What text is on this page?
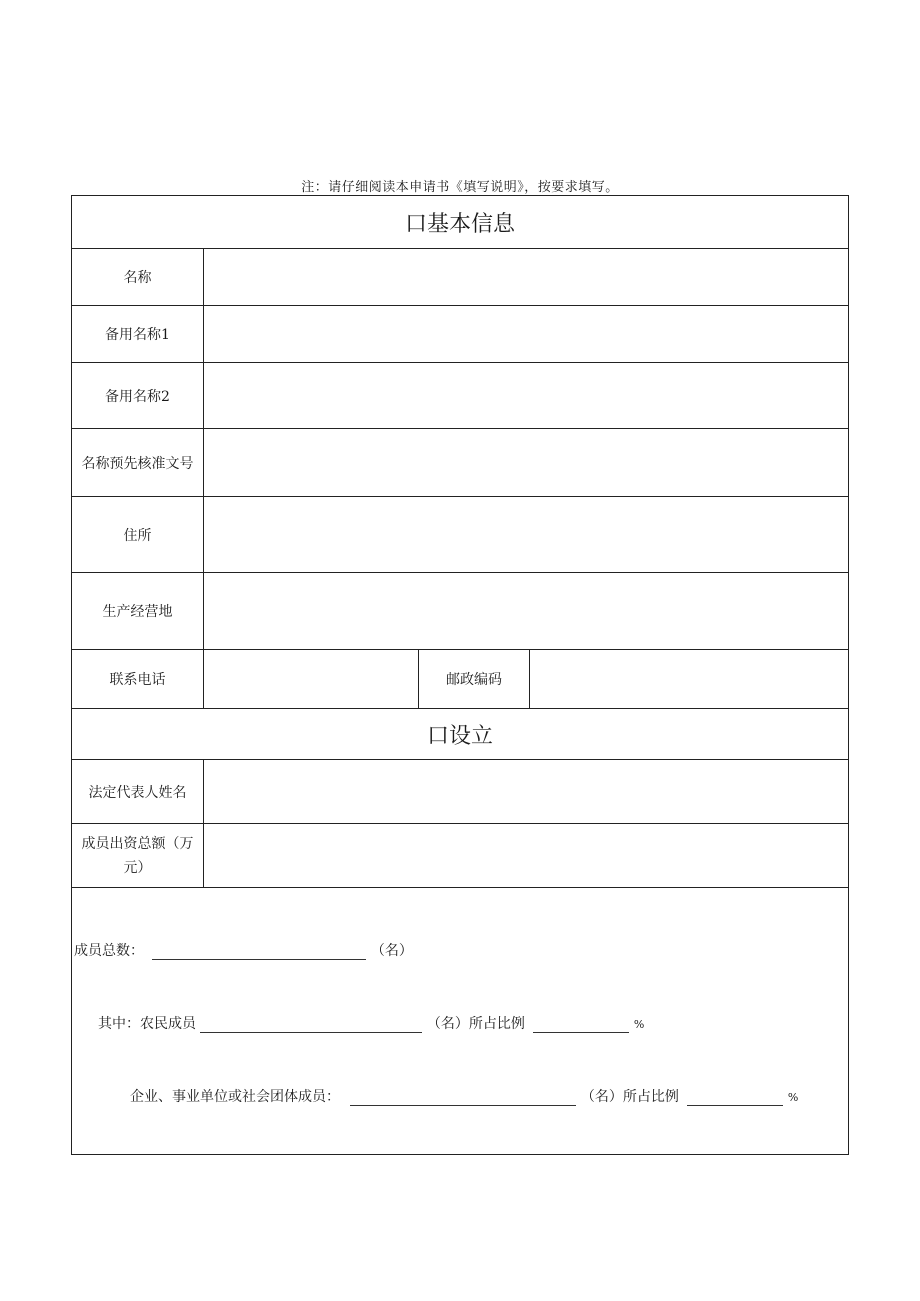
注：请仔细阅读本申请书《填写说明》，按要求填写。
口基本信息
名称
备用名称1
备用名称2
名称预先核准文号
住所
生产经营地
联系电话	邮政编码
口设立
法定代表人姓名
成员出资总额（万元）
成员总数：	（名）
其中：农民成员	（名）所占比例	%
企业、事业单位或社会团体成员：	（名）所占比例	%
